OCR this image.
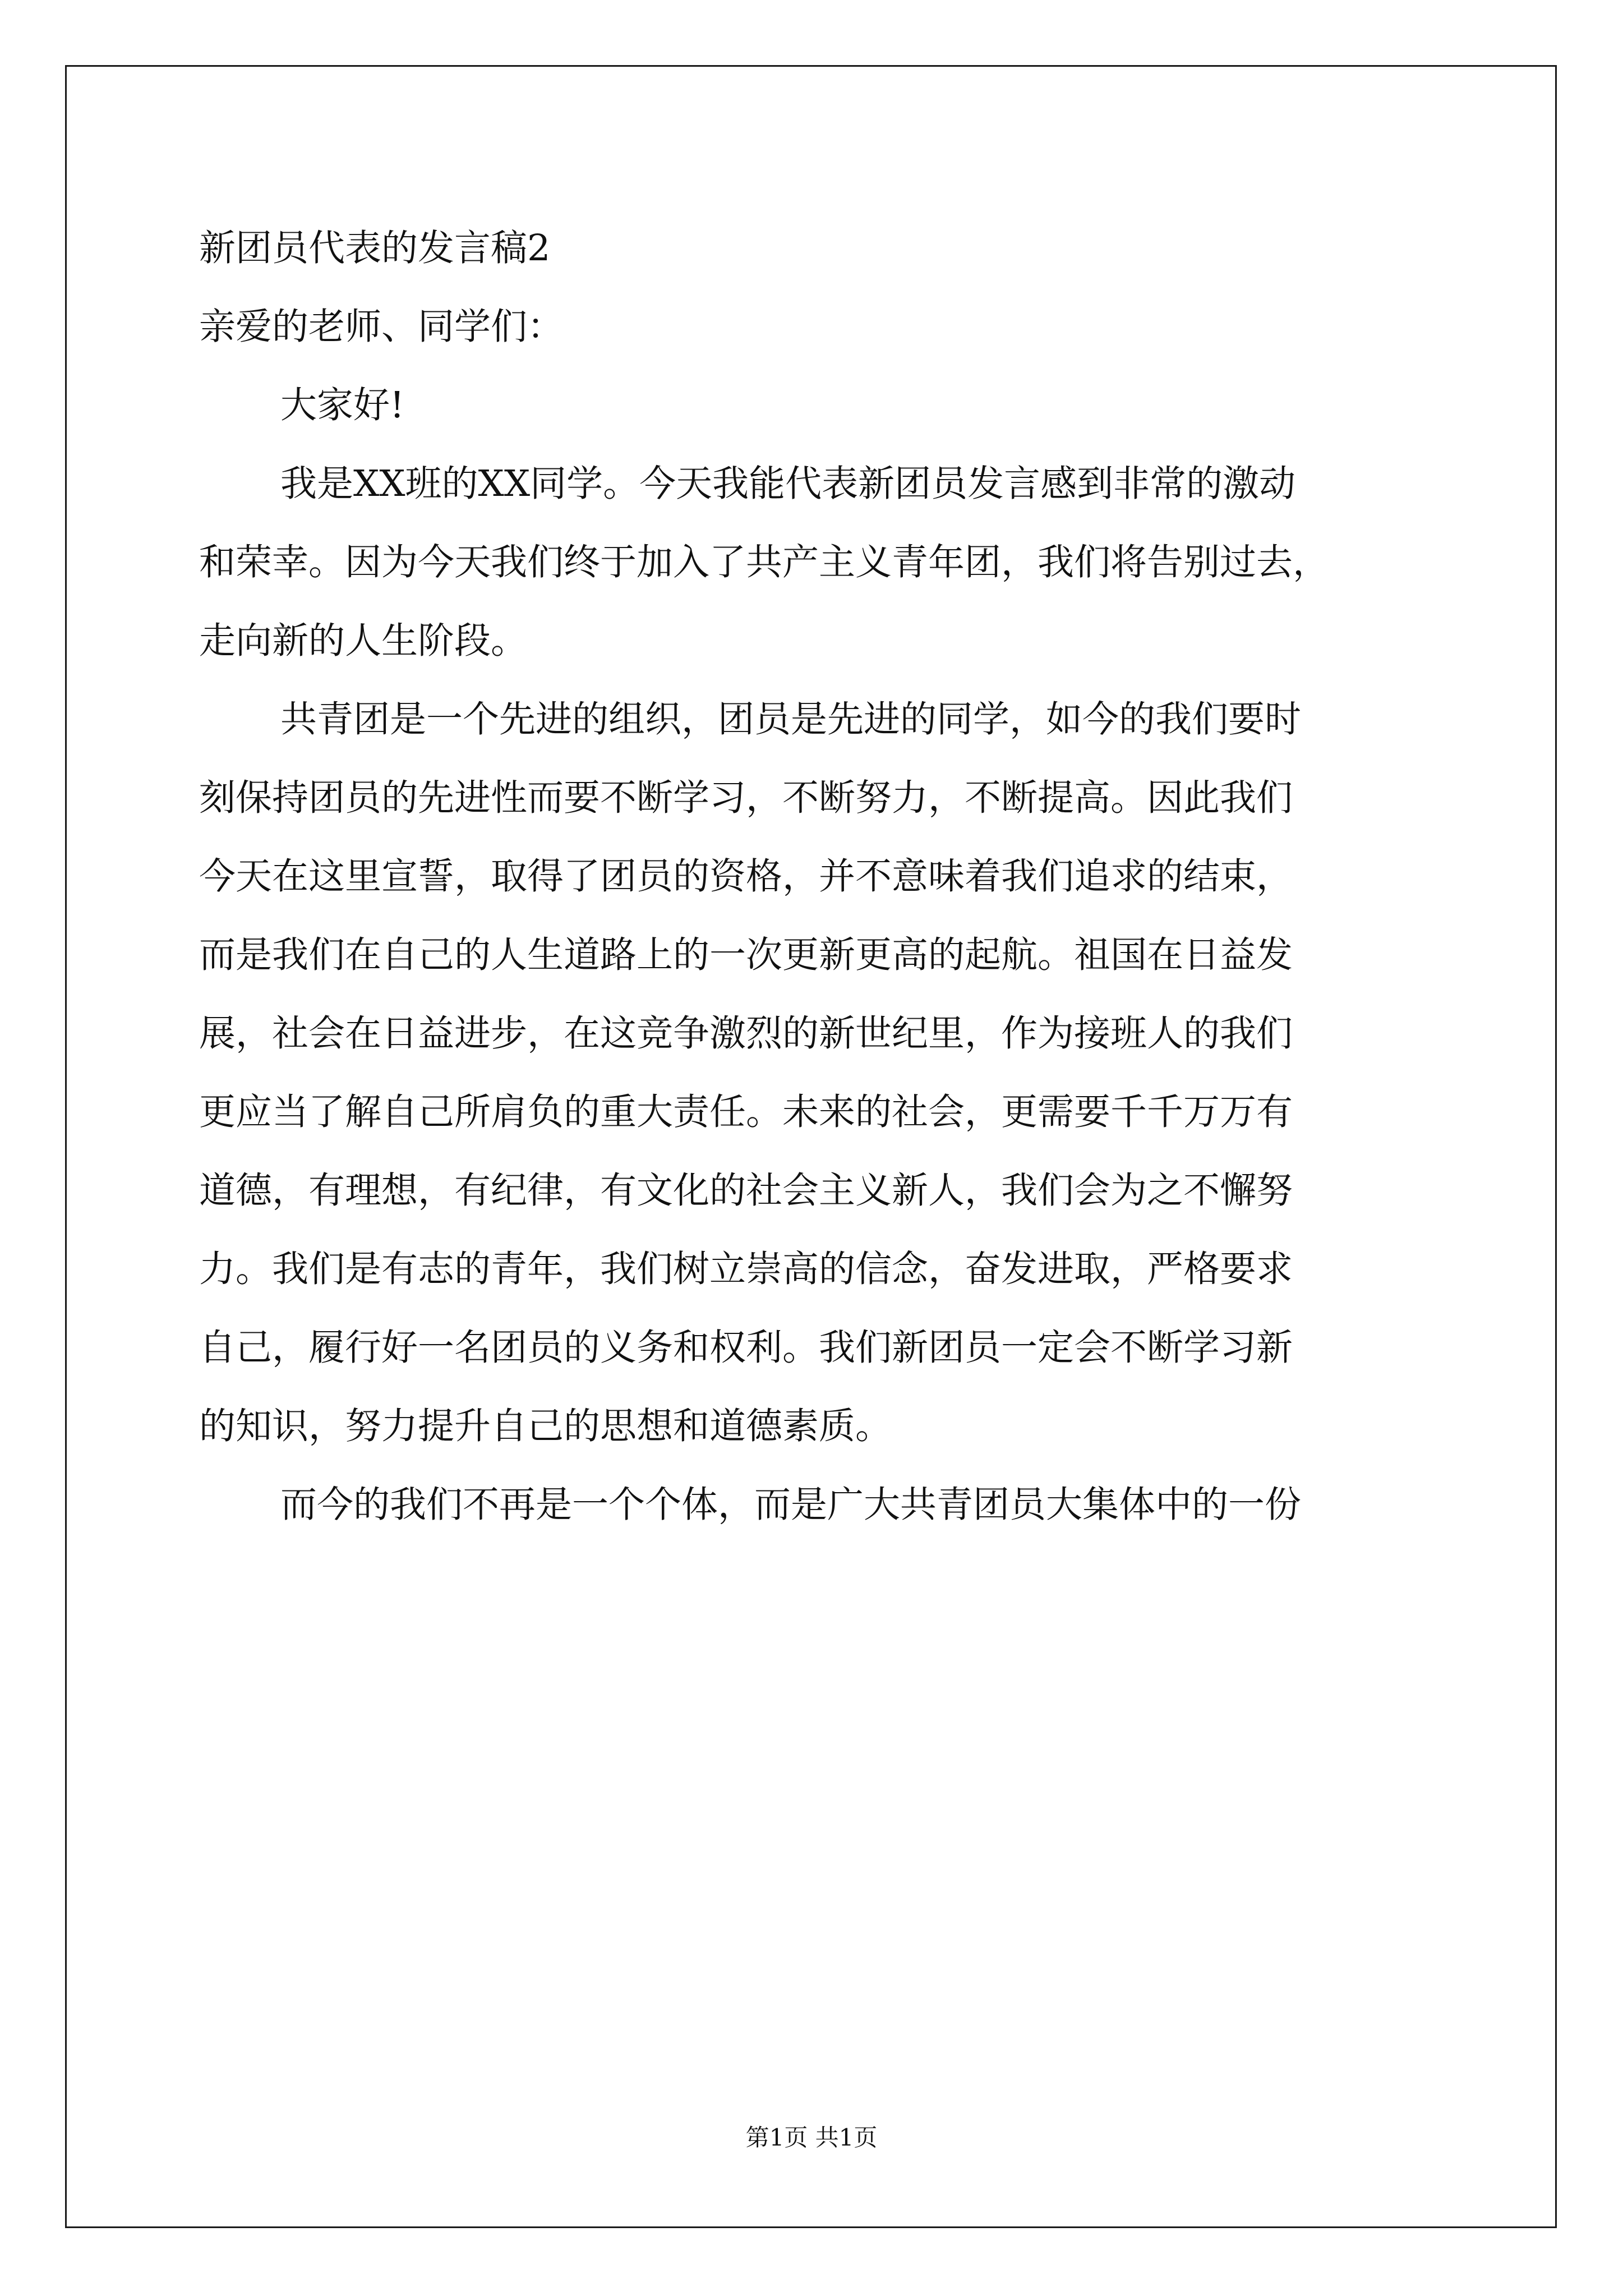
新团员代表的发言稿2

亲爱的老师、同学们：

大家好!

我是XX班的XX同学。今天我能代表新团员发言感到非常的激动

和荣幸。因为今天我们终于加入了共产主义青年团，我们将告别过去，

走向新的人生阶段。

共青团是一个先进的组织，团员是先进的同学，如今的我们要时

刻保持团员的先进性而要不断学习，不断努力，不断提高。因此我们

今天在这里宣誓，取得了团员的资格，并不意味着我们追求的结束，

而是我们在自己的人生道路上的一次更新更高的起航。祖国在日益发

展，社会在日益进步，在这竞争激烈的新世纪里，作为接班人的我们

更应当了解自己所肩负的重大责任。未来的社会，更需要千千万万有

道德，有理想，有纪律，有文化的社会主义新人，我们会为之不懈努

力。我们是有志的青年，我们树立崇高的信念，奋发进取，严格要求

自己，履行好一名团员的义务和权利。我们新团员一定会不断学习新

的知识，努力提升自己的思想和道德素质。

而今的我们不再是一个个体，而是广大共青团员大集体中的一份

第1页 共1页
